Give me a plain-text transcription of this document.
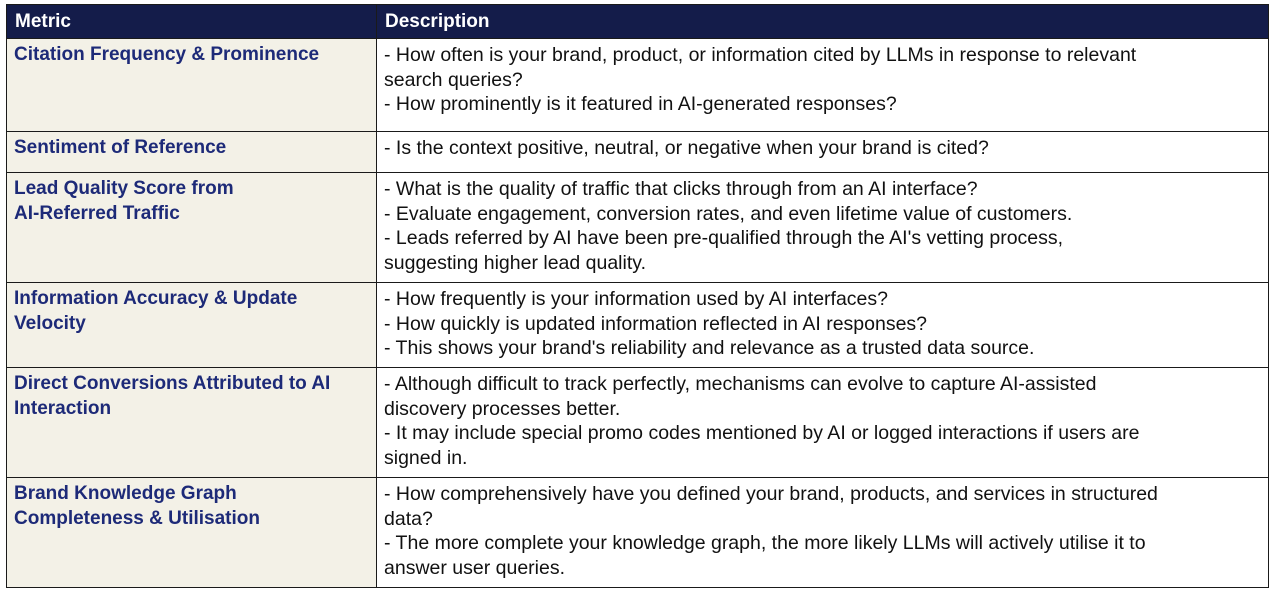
Metric	Description

Citation Frequency & Prominence	- How often is your brand, product, or information cited by LLMs in response to relevant
search queries?
- How prominently is it featured in AI-generated responses?

Sentiment of Reference	- Is the context positive, neutral, or negative when your brand is cited?

Lead Quality Score from
AI-Referred Traffic	- What is the quality of traffic that clicks through from an AI interface?
- Evaluate engagement, conversion rates, and even lifetime value of customers.
- Leads referred by AI have been pre-qualified through the AI's vetting process,
suggesting higher lead quality.

Information Accuracy & Update
Velocity	- How frequently is your information used by AI interfaces?
- How quickly is updated information reflected in AI responses?
- This shows your brand's reliability and relevance as a trusted data source.

Direct Conversions Attributed to AI
Interaction	- Although difficult to track perfectly, mechanisms can evolve to capture AI-assisted
discovery processes better.
- It may include special promo codes mentioned by AI or logged interactions if users are
signed in.

Brand Knowledge Graph
Completeness & Utilisation	- How comprehensively have you defined your brand, products, and services in structured
data?
- The more complete your knowledge graph, the more likely LLMs will actively utilise it to
answer user queries.
